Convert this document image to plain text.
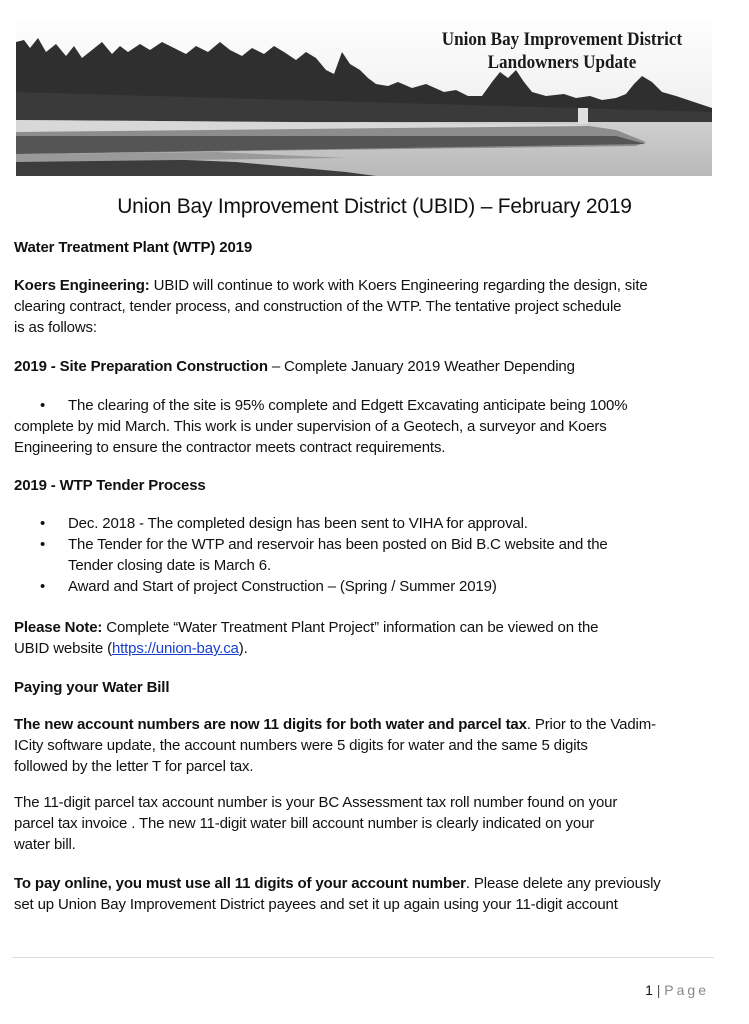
Union Bay Improvement District
Landowners Update
Union Bay Improvement District (UBID) – February 2019
Water Treatment Plant (WTP) 2019
Koers Engineering: UBID will continue to work with Koers Engineering regarding the design, site
clearing contract, tender process, and construction of the WTP. The tentative project schedule
is as follows:
2019 - Site Preparation Construction – Complete January 2019 Weather Depending
• The clearing of the site is 95% complete and Edgett Excavating anticipate being 100%
complete by mid March. This work is under supervision of a Geotech, a surveyor and Koers
Engineering to ensure the contractor meets contract requirements.
2019 - WTP Tender Process
•	Dec. 2018 - The completed design has been sent to VIHA for approval.
•	The Tender for the WTP and reservoir has been posted on Bid B.C website and the
Tender closing date is March 6.
•	Award and Start of project Construction – (Spring / Summer 2019)
Please Note: Complete “Water Treatment Plant Project” information can be viewed on the
UBID website (https://union-bay.ca).
Paying your Water Bill
The new account numbers are now 11 digits for both water and parcel tax. Prior to the Vadim-
ICity software update, the account numbers were 5 digits for water and the same 5 digits
followed by the letter T for parcel tax.
The 11-digit parcel tax account number is your BC Assessment tax roll number found on your
parcel tax invoice . The new 11-digit water bill account number is clearly indicated on your
water bill.
To pay online, you must use all 11 digits of your account number. Please delete any previously
set up Union Bay Improvement District payees and set it up again using your 11-digit account
1 | Page
